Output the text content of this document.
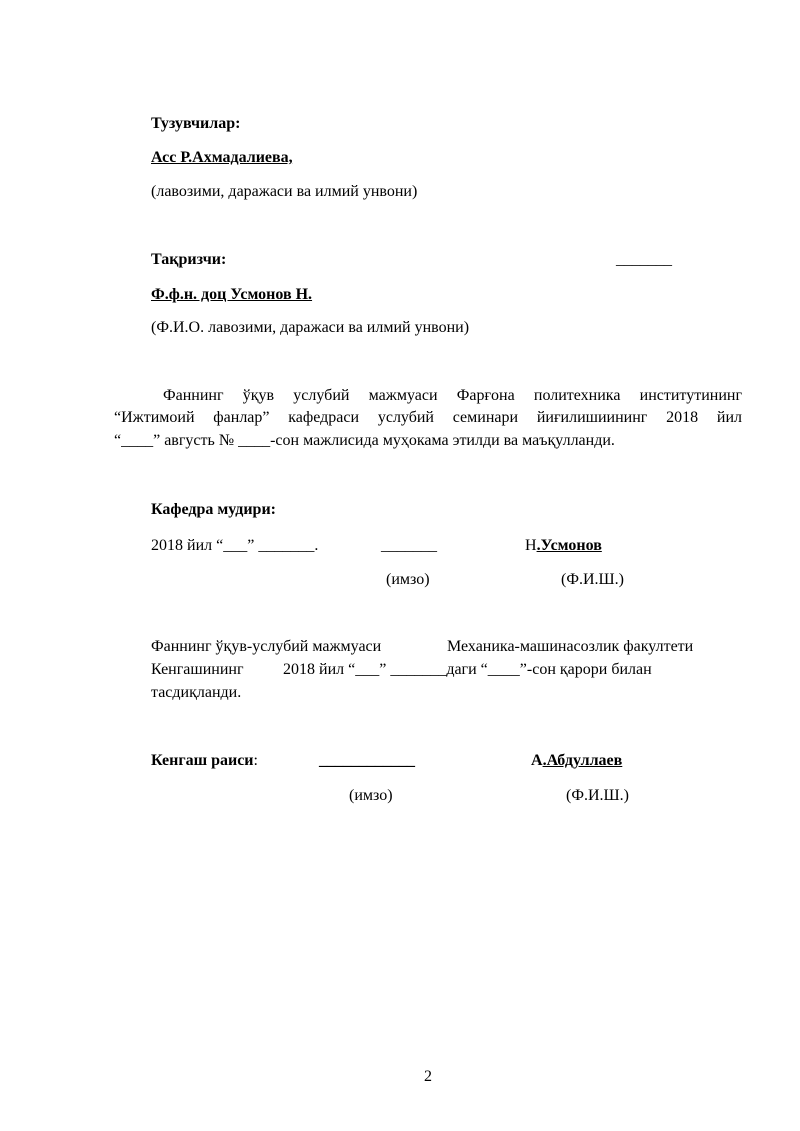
Тузувчилар:
Асс Р.Ахмадалиева,
(лавозими, даражаси ва илмий унвони)
Тақризчи:	_______
Ф.ф.н. доц Усмонов Н.
(Ф.И.О. лавозими, даражаси ва илмий унвони)
Фаннинг ўқув услубий мажмуаси Фарғона политехника институтининг
“Ижтимоий фанлар” кафедраси услубий семинари йиғилишиининг 2018 йил
“____” августь № ____-сон мажлисида муҳокама этилди ва маъқулланди.
Кафедра мудири:
2018 йил “___” _______.	_______	Н.Усмонов
(имзо)	(Ф.И.Ш.)
Фаннинг ўқув-услубий мажмуаси	Механика-машинасозлик факултети
Кенгашининг 2018 йил “___” _______даги “____”-сон қарори билан
тасдиқланди.
Кенгаш раиси:	____________	А.Абдуллаев
(имзо)	(Ф.И.Ш.)
2
